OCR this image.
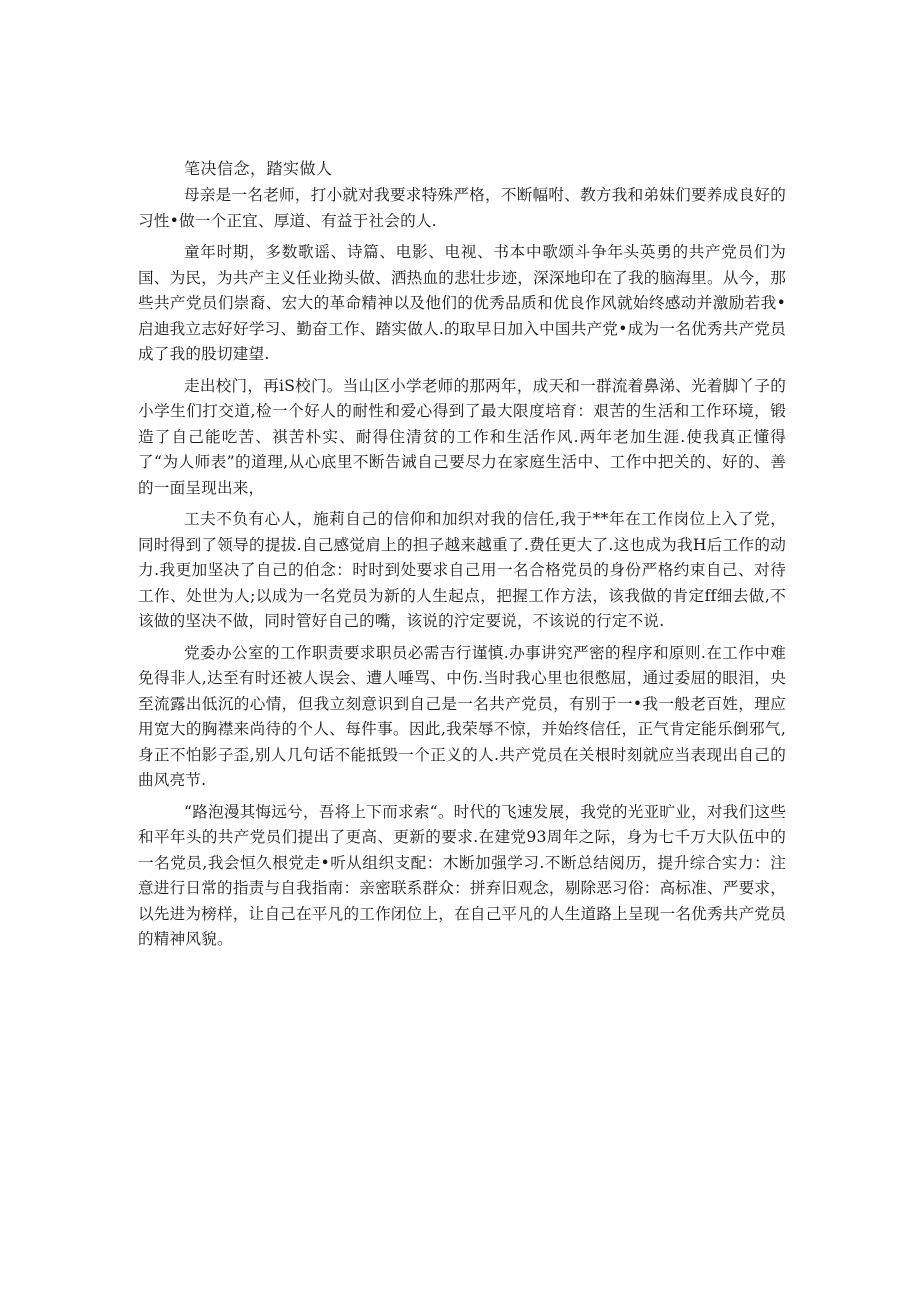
笔决信念，踏实做人

母亲是一名老师，打小就对我要求特殊严格，不断幅咐、教方我和弟妹们要养成良好的习性•做一个正宜、厚道、有益于社会的人.

童年时期，多数歌谣、诗篇、电影、电视、书本中歌颂斗争年头英勇的共产党员们为国、为民，为共产主义任业拗头做、洒热血的悲壮步迹，深深地印在了我的脑海里。从今，那些共产党员们崇裔、宏大的革命精神以及他们的优秀品质和优良作风就始终感动并激励若我•启迪我立志好好学习、勤奋工作、踏实做人.的取早日加入中国共产党•成为一名优秀共产党员成了我的股切建望.

走出校门，再iS校门。当山区小学老师的那两年，成天和一群流着鼻涕、光着脚丫子的小学生们打交道,检一个好人的耐性和爱心得到了最大限度培育：艰苦的生活和工作环境，锻造了自己能吃苦、祺苦朴实、耐得住清贫的工作和生活作风.两年老加生涯.使我真正懂得了“为人师表”的道理,从心底里不断告诫自己要尽力在家庭生活中、工作中把关的、好的、善的一面呈现出来，

工夫不负有心人，施莉自己的信仰和加织对我的信任,我于**年在工作岗位上入了党，同时得到了领导的提拔.自己感觉肩上的担子越来越重了.费任更大了.这也成为我H后工作的动力.我更加坚决了自己的伯念：时时到处要求自己用一名合格党员的身份严格约束自己、对待工作、处世为人;以成为一名党员为新的人生起点，把握工作方法，该我做的肯定ff细去做,不该做的坚决不做，同时管好自己的嘴，该说的泞定要说，不该说的行定不说.

党委办公室的工作职责要求职员必需吉行谨慎.办事讲究严密的程序和原则.在工作中难免得非人,达至有时还被人误会、遭人唾骂、中伤.当时我心里也很憋屈，通过委屈的眼泪，央至流露出低沉的心情，但我立刻意识到自己是一名共产党员，有别于一•我一般老百姓，理应用宽大的胸襟来尚待的个人、每件事。因此,我荣辱不惊，并始终信任，正气肯定能乐倒邪气,身正不怕影子歪,别人几句话不能抵毁一个正义的人.共产党员在关根时刻就应当表现出自己的曲风亮节.

“路泡漫其悔远兮，吾将上下而求索“。时代的飞速发展，我党的光亚旷业，对我们这些和平年头的共产党员们提出了更高、更新的要求.在建党93周年之际，身为七千万大队伍中的一名党员,我会恒久根党走•听从组织支配：木断加强学习.不断总结阅历，提升综合实力：注意进行日常的指责与自我指南：亲密联系群众：拼弃旧观念，剔除恶习俗：高标准、严要求，以先进为榜样，让自己在平凡的工作闭位上，在自己平凡的人生道路上呈现一名优秀共产党员的精神风貌。
